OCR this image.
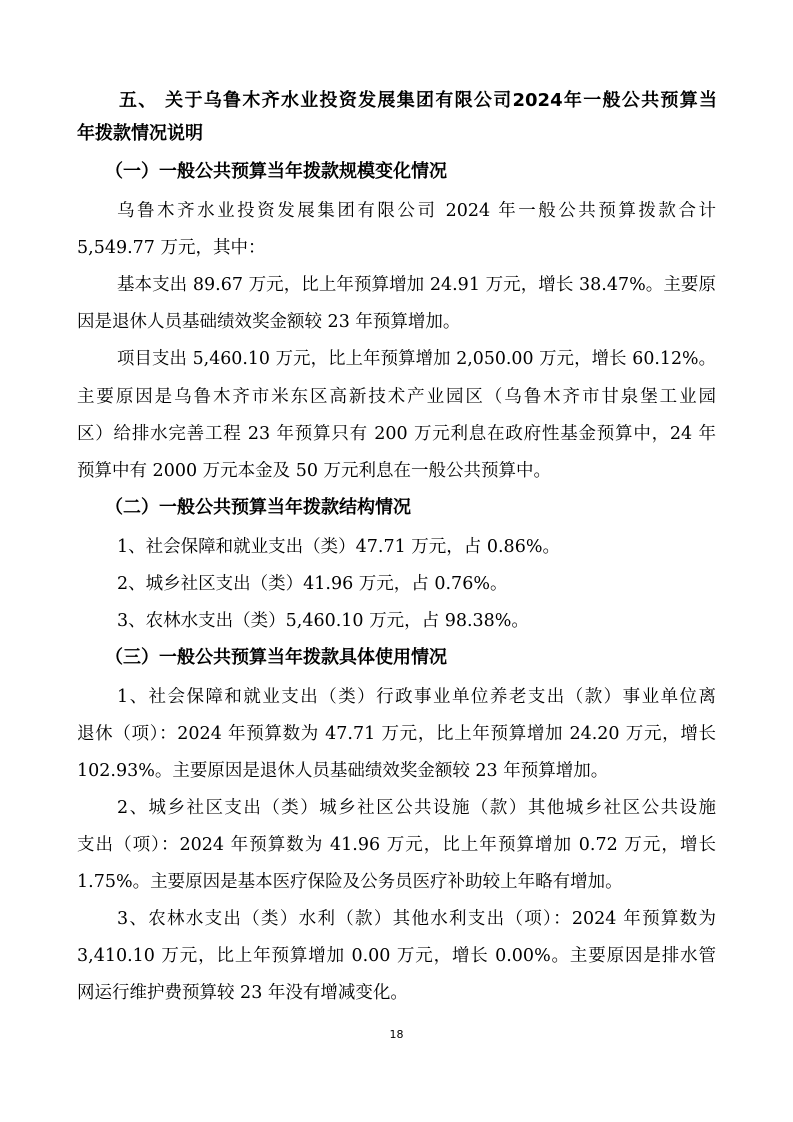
五、 关于乌鲁木齐水业投资发展集团有限公司2024年一般公共预算当
年拨款情况说明
（一）一般公共预算当年拨款规模变化情况
乌鲁木齐水业投资发展集团有限公司 2024 年一般公共预算拨款合计
5,549.77 万元，其中：
基本支出 89.67 万元，比上年预算增加 24.91 万元，增长 38.47%。主要原
因是退休人员基础绩效奖金额较 23 年预算增加。
项目支出 5,460.10 万元，比上年预算增加 2,050.00 万元，增长 60.12%。
主要原因是乌鲁木齐市米东区高新技术产业园区（乌鲁木齐市甘泉堡工业园
区）给排水完善工程 23 年预算只有 200 万元利息在政府性基金预算中，24 年
预算中有 2000 万元本金及 50 万元利息在一般公共预算中。
（二）一般公共预算当年拨款结构情况
1、社会保障和就业支出（类）47.71 万元，占 0.86%。
2、城乡社区支出（类）41.96 万元，占 0.76%。
3、农林水支出（类）5,460.10 万元，占 98.38%。
（三）一般公共预算当年拨款具体使用情况
1、社会保障和就业支出（类）行政事业单位养老支出（款）事业单位离
退休（项）：2024 年预算数为 47.71 万元，比上年预算增加 24.20 万元，增长
102.93%。主要原因是退休人员基础绩效奖金额较 23 年预算增加。
2、城乡社区支出（类）城乡社区公共设施（款）其他城乡社区公共设施
支出（项）：2024 年预算数为 41.96 万元，比上年预算增加 0.72 万元，增长
1.75%。主要原因是基本医疗保险及公务员医疗补助较上年略有增加。
3、农林水支出（类）水利（款）其他水利支出（项）：2024 年预算数为
3,410.10 万元，比上年预算增加 0.00 万元，增长 0.00%。主要原因是排水管
网运行维护费预算较 23 年没有增减变化。
18
